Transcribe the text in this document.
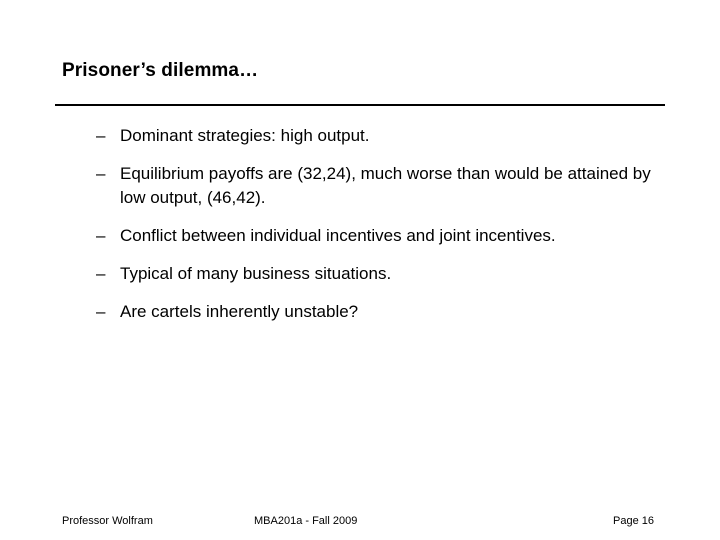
Prisoner’s dilemma…
– Dominant strategies: high output.
– Equilibrium payoffs are (32,24), much worse than would be attained by low output, (46,42).
– Conflict between individual incentives and joint incentives.
– Typical of many business situations.
– Are cartels inherently unstable?
Professor Wolfram	MBA201a - Fall 2009	Page 16
